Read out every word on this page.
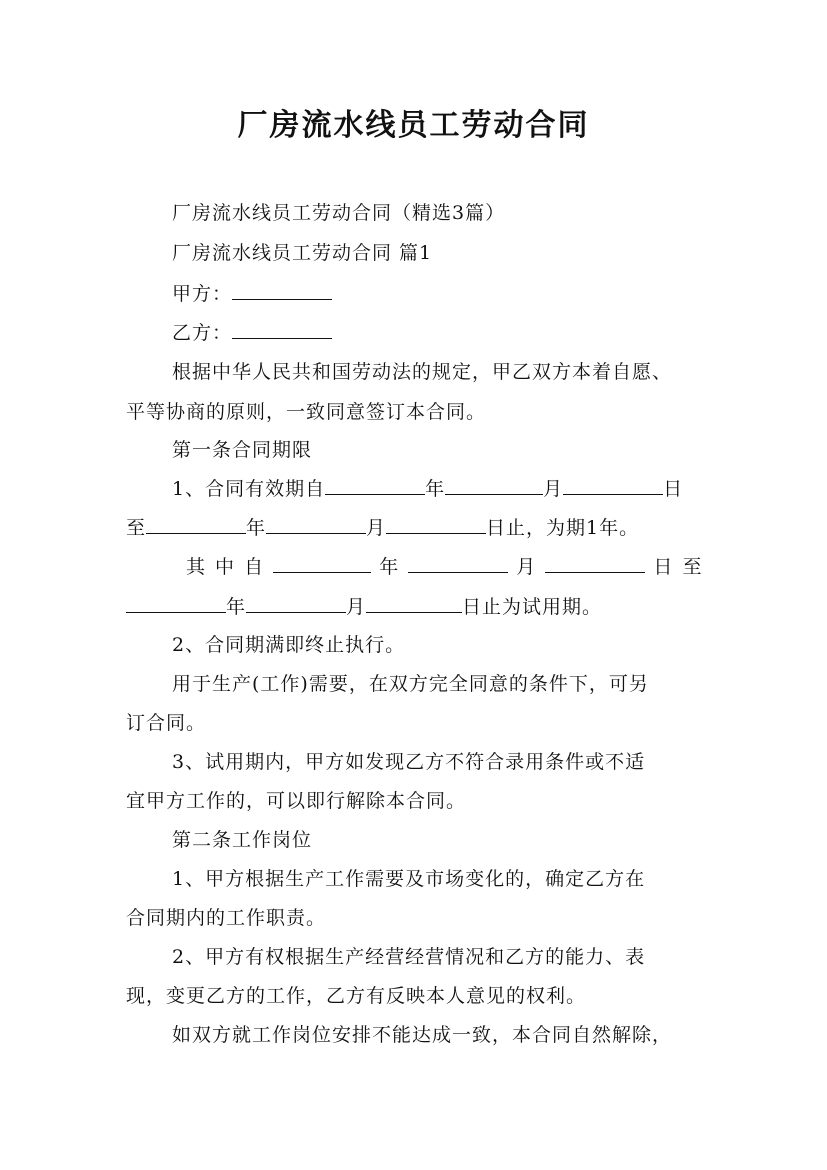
厂房流水线员工劳动合同
厂房流水线员工劳动合同（精选3篇）
厂房流水线员工劳动合同 篇1
甲方：
乙方：
根据中华人民共和国劳动法的规定，甲乙双方本着自愿、
平等协商的原则，一致同意签订本合同。
第一条合同期限
1、合同有效期自	年	月	日
至	年	月	日止，为期1年。
其 中 自	年	月	日 至
年	月	日止为试用期。
2、合同期满即终止执行。
用于生产(工作)需要，在双方完全同意的条件下，可另
订合同。
3、试用期内，甲方如发现乙方不符合录用条件或不适
宜甲方工作的，可以即行解除本合同。
第二条工作岗位
1、甲方根据生产工作需要及市场变化的，确定乙方在
合同期内的工作职责。
2、甲方有权根据生产经营经营情况和乙方的能力、表
现，变更乙方的工作，乙方有反映本人意见的权利。
如双方就工作岗位安排不能达成一致，本合同自然解除，
